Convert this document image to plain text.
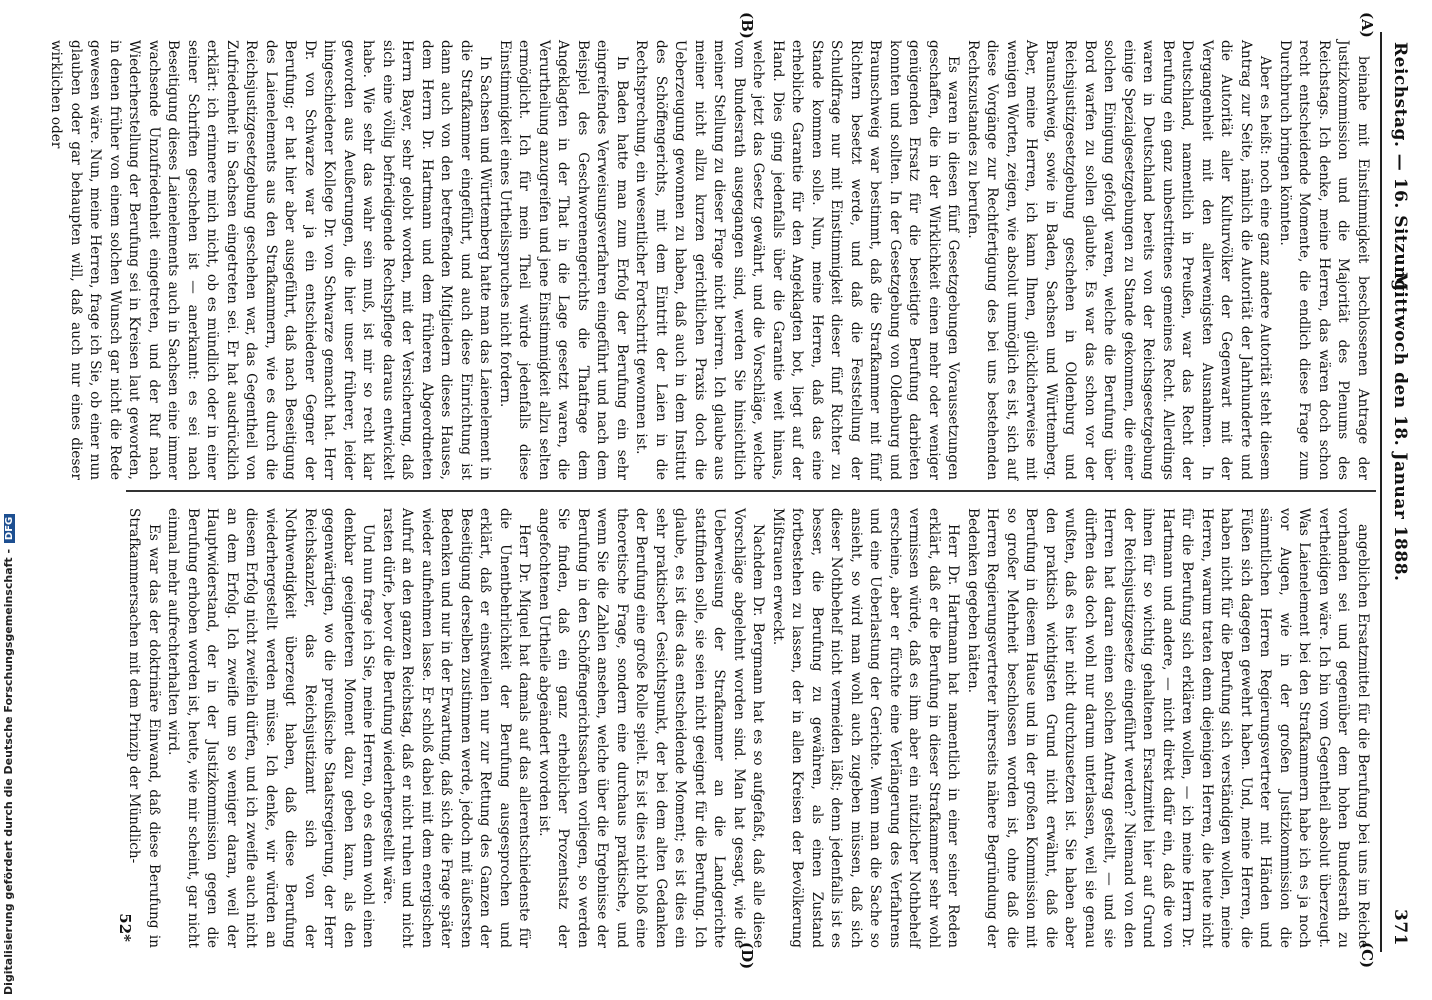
Reichstag. — 16. Sitzung.
Mittwoch den 18. Januar 1888.
371
(A)
(B)
(C)
(D)

beinahe mit Einstimmigkeit beschlossenen Antrage der Justizkommission und die Majorität des Plenums des Reichstags. Ich denke, meine Herren, das wären doch schon recht entscheidende Momente, die endlich diese Frage zum Durchbruch bringen könnten.

Aber es heißt: noch eine ganz andere Autorität steht diesem Antrag zur Seite, nämlich die Autorität der Jahrhunderte und die Autorität aller Kulturvölker der Gegenwart mit der Vergangenheit mit den allerwenigsten Ausnahmen. In Deutschland, namentlich in Preußen, war das Recht der Berufung ein ganz unbestrittenes gemeines Recht. Allerdings waren in Deutschland bereits von der Reichsgesetzgebung einige Spezialgesetzgebungen zu Stande gekommen, die einer solchen Einigung gefolgt waren, welche die Berufung über Bord warfen zu sollen glaubte. Es war das schon vor der Reichsjustizgesetzgebung geschehen in Oldenburg und Braunschweig, sowie in Baden, Sachsen und Württemberg. Aber, meine Herren, ich kann Ihnen, glücklicherweise mit wenigen Worten, zeigen, wie absolut unmöglich es ist, sich auf diese Vorgänge zur Rechtfertigung des bei uns bestehenden Rechtszustandes zu berufen.

Es waren in diesen fünf Gesetzgebungen Voraussetzungen geschaffen, die in der Wirklichkeit einen mehr oder weniger genügenden Ersatz für die beseitigte Berufung darbieten konnten und sollten. In der Gesetzgebung von Oldenburg und Braunschweig war bestimmt, daß die Strafkammer mit fünf Richtern besetzt werde, und daß die Feststellung der Schuldfrage nur mit Einstimmigkeit dieser fünf Richter zu Stande kommen solle. Nun, meine Herren, daß das eine erhebliche Garantie für den Angeklagten bot, liegt auf der Hand. Dies ging jedenfalls über die Garantie weit hinaus, welche jetzt das Gesetz gewährt, und die Vorschläge, welche vom Bundesrath ausgegangen sind, werden Sie hinsichtlich meiner Stellung zu dieser Frage nicht beirren. Ich glaube aus meiner nicht allzu kurzen gerichtlichen Praxis doch die Ueberzeugung gewonnen zu haben, daß auch in dem Institut des Schöffengerichts, mit dem Eintritt der Laien in die Rechtsprechung, ein wesentlicher Fortschritt gewonnen ist.

In Baden hatte man zum Erfolg der Berufung ein sehr eingreifendes Verweisungsverfahren eingeführt und nach dem Beispiel des Geschworenengerichts die Thatfrage dem Angeklagten in der That in die Lage gesetzt waren, die Verurtheilung anzugreifen und jene Einstimmigkeit allzu selten ermöglicht. Ich für mein Theil würde jedenfalls diese Einstimmigkeit eines Urtheilsspruches nicht fordern.

In Sachsen und Württemberg hatte man das Laienelement in die Strafkammer eingeführt, und auch diese Einrichtung ist dann auch von den betreffenden Mitgliedern dieses Hauses, dem Herrn Dr. Hartmann und dem früheren Abgeordneten Herrn Bayer, sehr gelobt worden, mit der Versicherung, daß sich eine völlig befriedigende Rechtspflege daraus entwickelt habe. Wie sehr das wahr sein muß, ist mir so recht klar geworden aus Aeußerungen, die hier unser früherer, leider hingeschiedener Kollege Dr. von Schwarze gemacht hat. Herr Dr. von Schwarze war ja ein entschiedener Gegner der Berufung; er hat hier aber ausgeführt, daß nach Beseitigung des Laienelements aus den Strafkammern, wie es durch die Reichsjustizgesetzgebung geschehen war, das Gegentheil von Zufriedenheit in Sachsen eingetreten sei. Er hat ausdrücklich erklärt: ich erinnere mich nicht, ob es mündlich oder in einer seiner Schriften geschehen ist — anerkannt: es sei nach Beseitigung dieses Laienelements auch in Sachsen eine immer wachsende Unzufriedenheit eingetreten, und der Ruf nach Wiederherstellung der Berufung sei in Kreisen laut geworden, in denen früher von einem solchen Wunsch gar nicht die Rede gewesen wäre. Nun, meine Herren, frage ich Sie, ob einer nun glauben oder gar behaupten will, daß auch nur eines dieser wirklichen oder

angeblichen Ersatzmittel für die Berufung bei uns im Reiche vorhanden sei und gegenüber dem hohen Bundesrath zu vertheidigen wäre. Ich bin vom Gegentheil absolut überzeugt. Was Laienelement bei den Strafkammern habe ich es ja noch vor Augen, wie in der großen Justizkommission die sämmtlichen Herren Regierungsvertreter mit Händen und Füßen sich dagegen gewehrt haben. Und, meine Herren, die haben nicht für die Berufung sich verständigen wollen, meine Herren, warum traten denn diejenigen Herren, die heute nicht für die Berufung sich erklären wollen, — ich meine Herrn Dr. Hartmann und andere, — nicht direkt dafür ein, daß die von ihnen für so wichtig gehaltenen Ersatzmittel hier auf Grund der Reichsjustizgesetze eingeführt werden? Niemand von den Herren hat daran einen solchen Antrag gestellt, — und sie dürften das doch wohl nur darum unterlassen, weil sie genau wußten, daß es hier nicht durchzusetzen ist. Sie haben aber den praktisch wichtigsten Grund nicht erwähnt, daß die Berufung in diesem Hause und in der großen Kommission mit so großer Mehrheit beschlossen worden ist, ohne daß die Herren Regierungsvertreter ihrerseits nähere Begründung der Bedenken gegeben hätten.

Herr Dr. Hartmann hat namentlich in einer seiner Reden erklärt, daß er die Berufung in dieser Strafkammer sehr wohl vermissen würde, daß es ihm aber ein nützlicher Nothbehelf erscheine, aber er fürchte eine Verlängerung des Verfahrens und eine Ueberlastung der Gerichte. Wenn man die Sache so ansieht, so wird man wohl auch zugeben müssen, daß sich dieser Nothbehelf nicht vermeiden läßt; denn jedenfalls ist es besser, die Berufung zu gewähren, als einen Zustand fortbestehen zu lassen, der in allen Kreisen der Bevölkerung Mißtrauen erweckt.

Nachdem Dr. Bergmann hat es so aufgefaßt, daß alle diese Vorschläge abgelehnt worden sind. Man hat gesagt, wie die Ueberweisung der Strafkammer an die Landgerichte stattfinden solle, sie seien nicht geeignet für die Berufung. Ich glaube, es ist dies das entscheidende Moment; es ist dies ein sehr praktischer Gesichtspunkt, der bei dem alten Gedanken der Berufung eine große Rolle spielt. Es ist dies nicht bloß eine theoretische Frage, sondern eine durchaus praktische, und wenn Sie die Zahlen ansehen, welche über die Ergebnisse der Berufung in den Schöffengerichtssachen vorliegen, so werden Sie finden, daß ein ganz erheblicher Prozentsatz der angefochtenen Urtheile abgeändert worden ist.

Herr Dr. Miquel hat damals auf das allerentschiedenste für die Unentbehrlichkeit der Berufung ausgesprochen und erklärt, daß er einstweilen nur zur Rettung des Ganzen der Beseitigung derselben zustimmen werde, jedoch mit äußersten Bedenken und nur in der Erwartung, daß sich die Frage später wieder aufnehmen lasse. Er schloß dabei mit dem energischen Aufruf an den ganzen Reichstag, daß er nicht ruhen und nicht rasten dürfe, bevor die Berufung wiederhergestellt wäre.

Und nun frage ich Sie, meine Herren, ob es denn wohl einen denkbar geeigneteren Moment dazu geben kann, als den gegenwärtigen, wo die preußische Staatsregierung, der Herr Reichskanzler, das Reichsjustizamt sich von der Nothwendigkeit überzeugt haben, daß diese Berufung wiederhergestellt werden müsse. Ich denke, wir würden an diesem Erfolg nicht zweifeln dürfen, und ich zweifle auch nicht an dem Erfolg. Ich zweifle um so weniger daran, weil der Hauptwiderstand, der in der Justizkommission gegen die Berufung erhoben worden ist, heute, wie mir scheint, gar nicht einmal mehr aufrechterhalten wird.

Es war das der doktrinäre Einwand, daß diese Berufung in Strafkammersachen mit dem Prinzip der Mündlich-

52*
Digitalisierung gefördert durch die Deutsche Forschungsgemeinschaft - DFG
